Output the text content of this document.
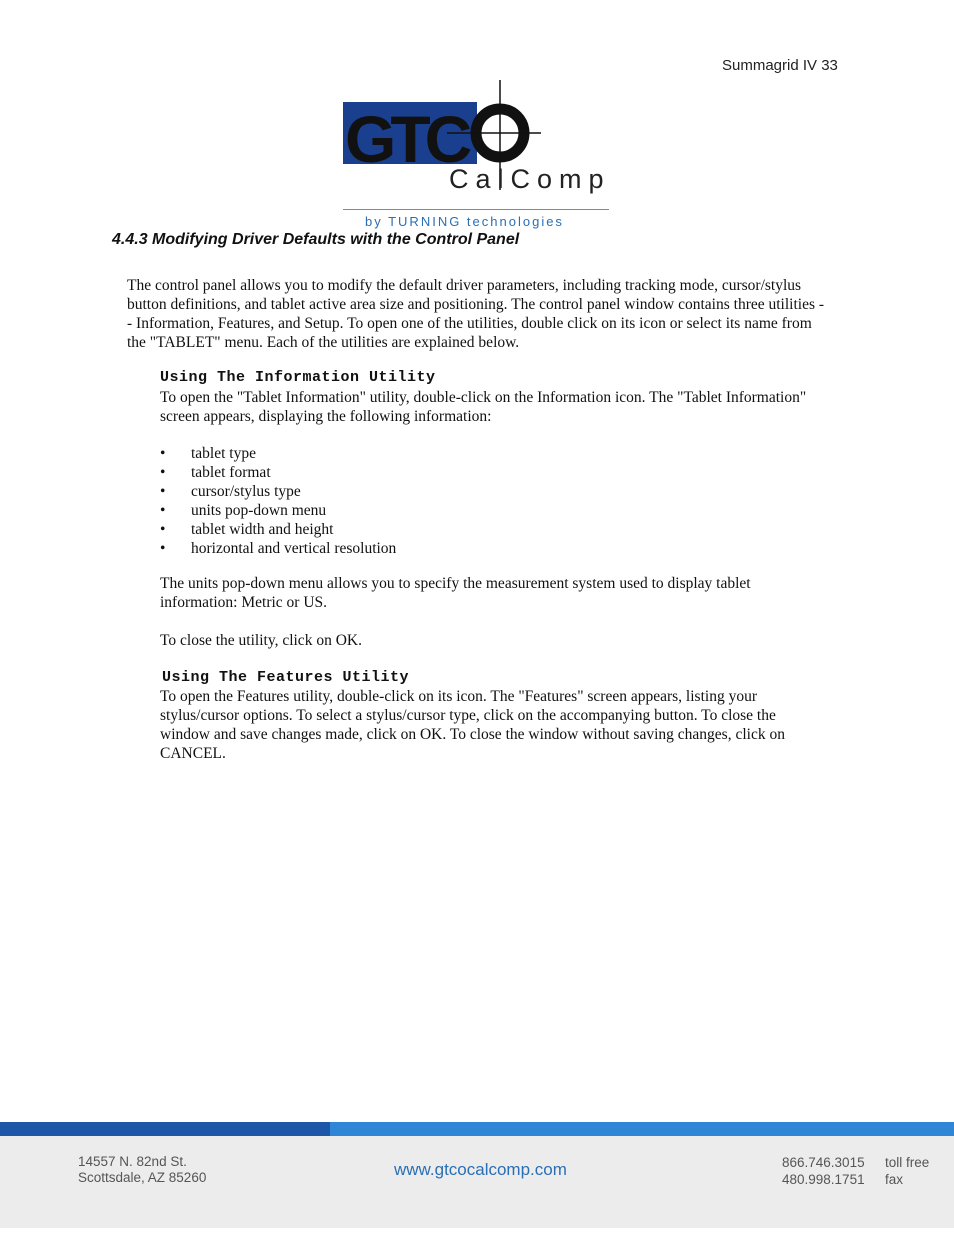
Summagrid IV 33
GTC
CalComp
by TURNING technologies
4.4.3 Modifying Driver Defaults with the Control Panel

The control panel allows you to modify the default driver parameters, including tracking mode, cursor/stylus button definitions, and tablet active area size and positioning. The control panel window contains three utilities - - Information, Features, and Setup. To open one of the utilities, double click on its icon or select its name from the "TABLET" menu. Each of the utilities are explained below.

Using The Information Utility

To open the "Tablet Information" utility, double-click on the Information icon. The "Tablet Information" screen appears, displaying the following information:

• tablet type
• tablet format
• cursor/stylus type
• units pop-down menu
• tablet width and height
• horizontal and vertical resolution

The units pop-down menu allows you to specify the measurement system used to display tablet information: Metric or US.

To close the utility, click on OK.

Using The Features Utility

To open the Features utility, double-click on its icon. The "Features" screen appears, listing your stylus/cursor options. To select a stylus/cursor type, click on the accompanying button. To close the window and save changes made, click on OK. To close the window without saving changes, click on CANCEL.

14557 N. 82nd St.
Scottsdale, AZ 85260	www.gtcocalcomp.com	866.746.3015
480.998.1751
toll free
fax
